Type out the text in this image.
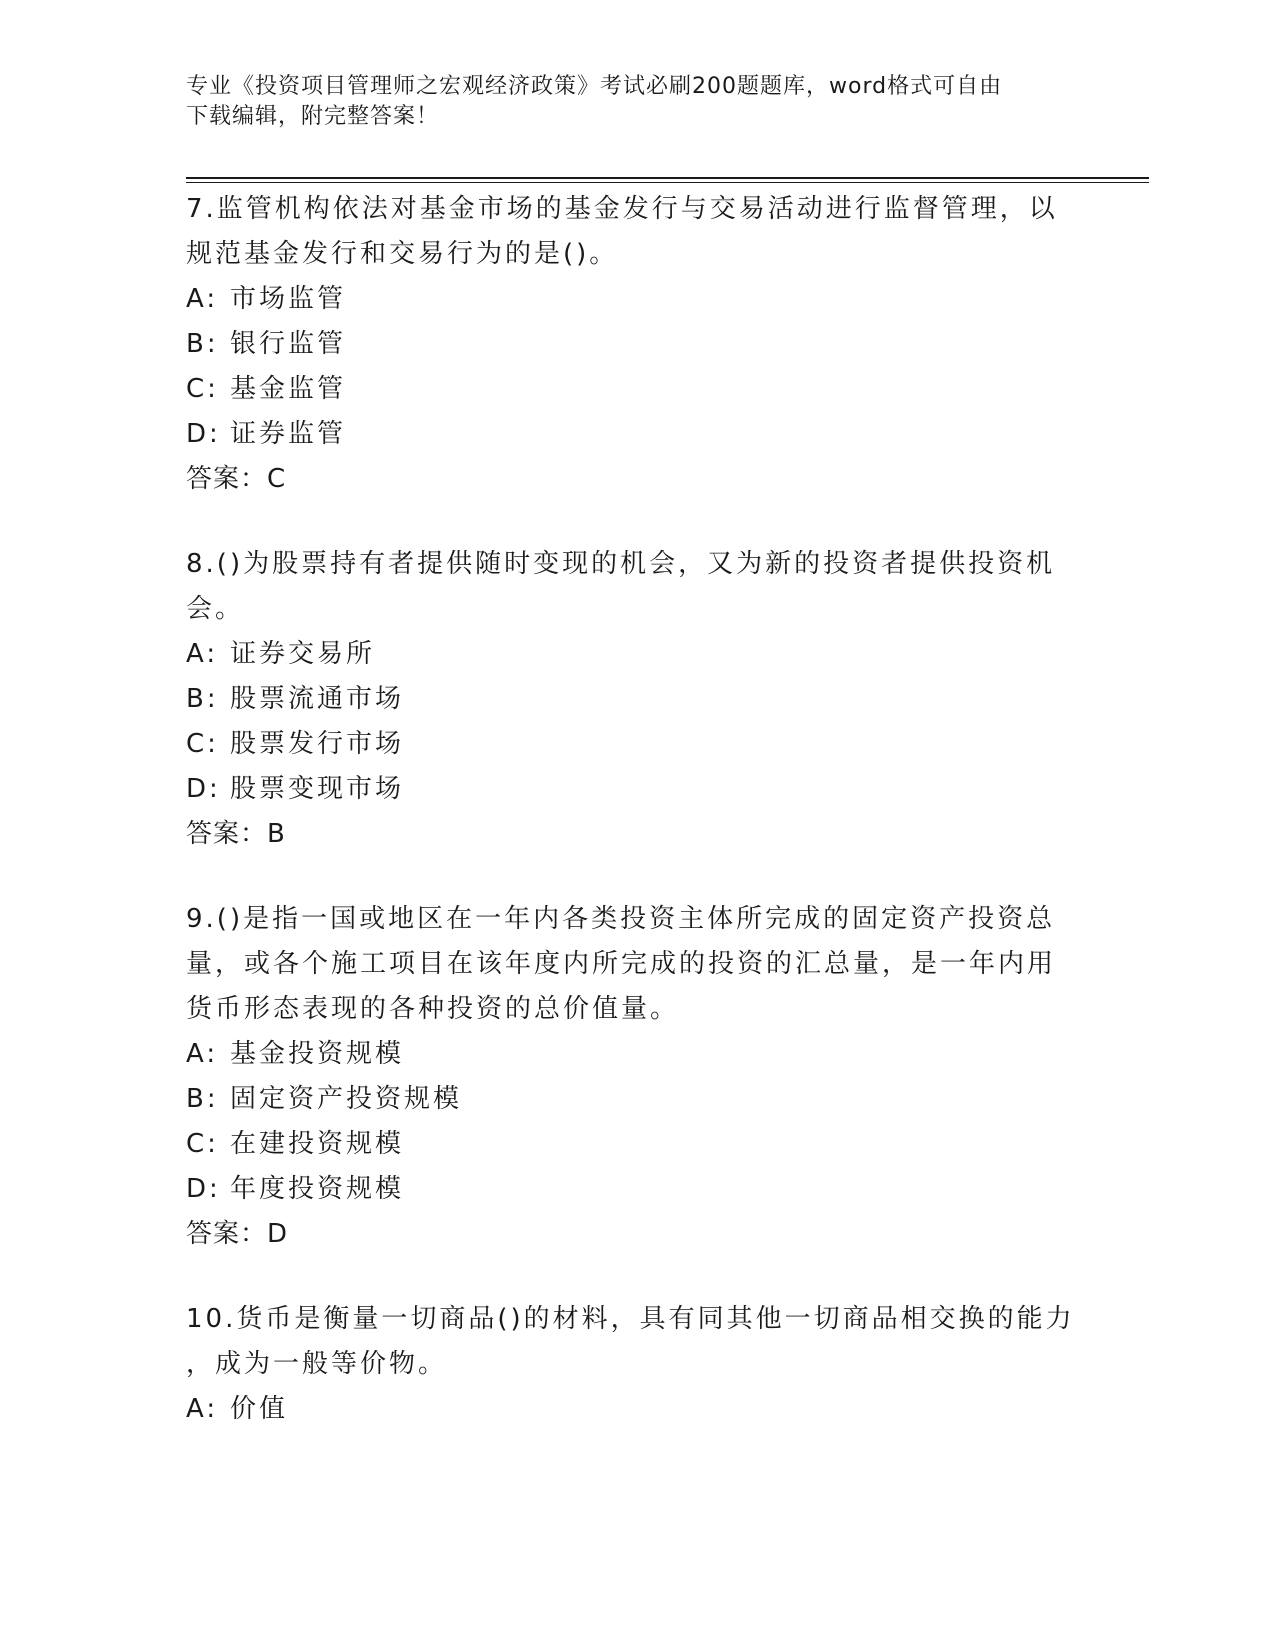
专业《投资项目管理师之宏观经济政策》考试必刷200题题库，word格式可自由
下载编辑，附完整答案！

7.监管机构依法对基金市场的基金发行与交易活动进行监督管理，以

规范基金发行和交易行为的是()。

A: 市场监管
B: 银行监管
C: 基金监管
D: 证券监管

答案：C

8.()为股票持有者提供随时变现的机会，又为新的投资者提供投资机

会。

A: 证券交易所
B: 股票流通市场
C: 股票发行市场
D: 股票变现市场

答案：B

9.()是指一国或地区在一年内各类投资主体所完成的固定资产投资总

量，或各个施工项目在该年度内所完成的投资的汇总量，是一年内用

货币形态表现的各种投资的总价值量。

A: 基金投资规模
B: 固定资产投资规模
C: 在建投资规模
D: 年度投资规模

答案：D

10.货币是衡量一切商品()的材料，具有同其他一切商品相交换的能力

，成为一般等价物。

A: 价值
